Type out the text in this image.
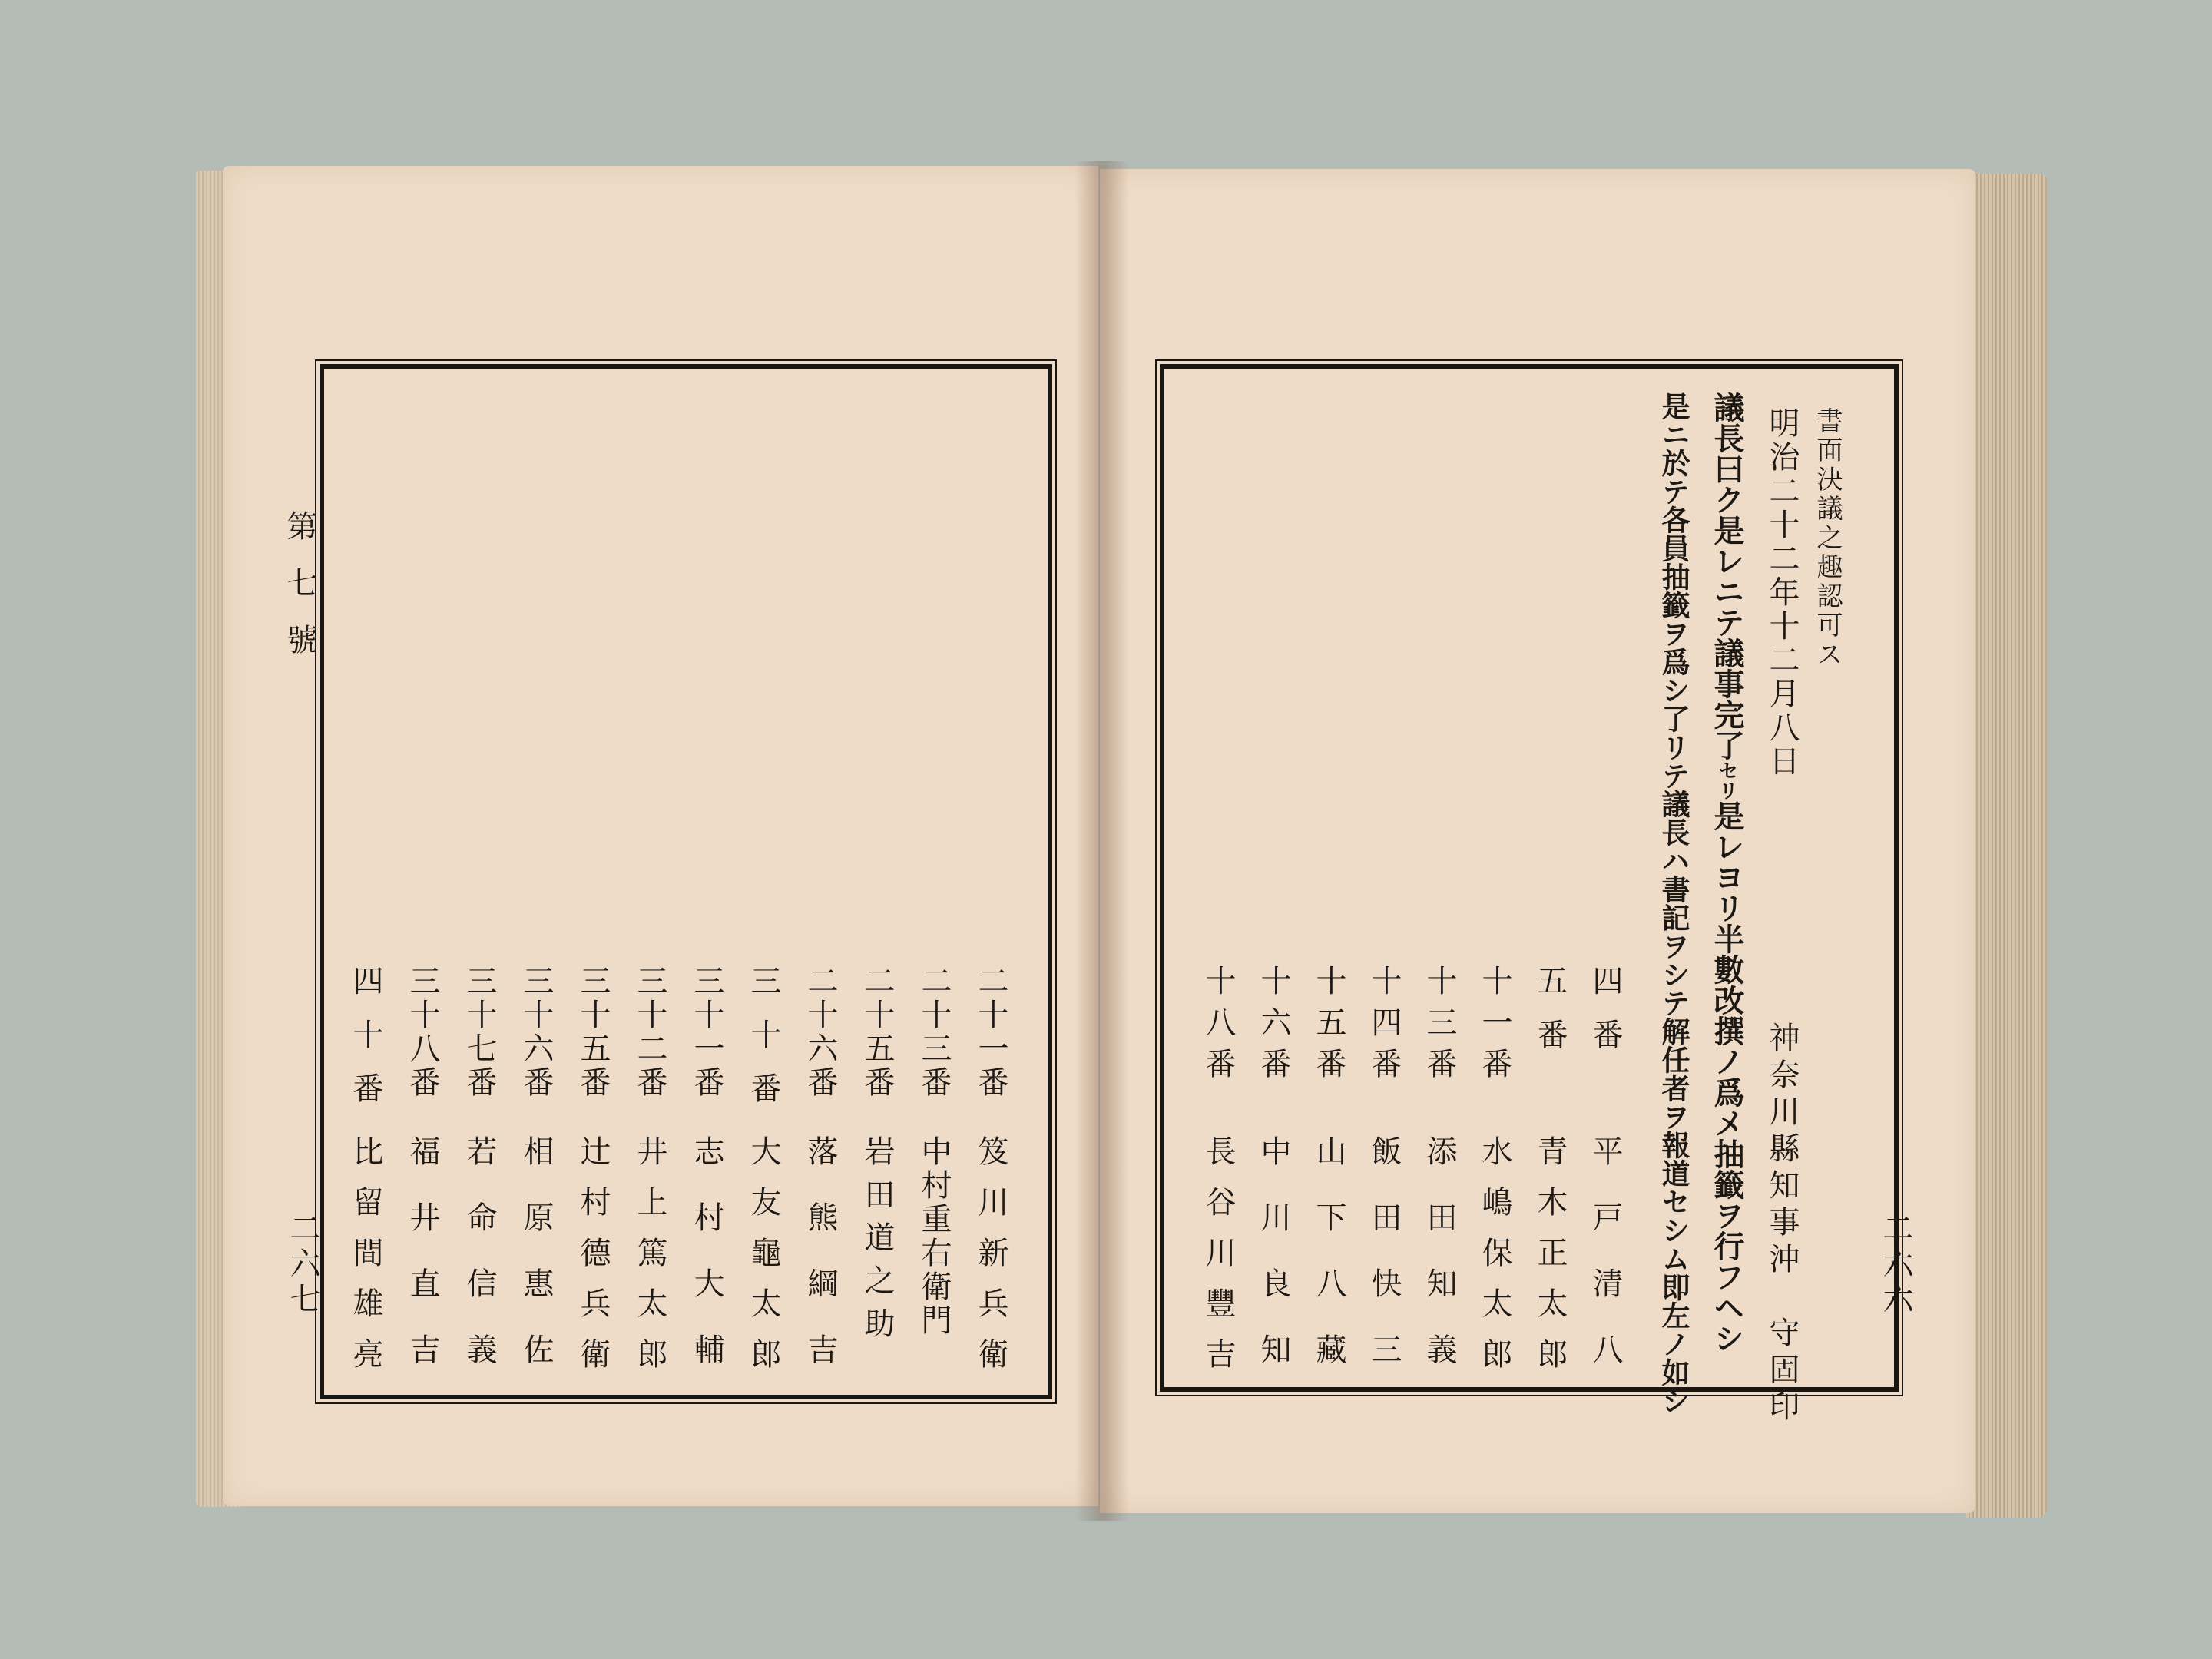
第七號
二六七
二十一番
笈川新兵衛
二十三番
中村重右衛門
二十五番
岩田道之助
二十六番
落熊綱吉
三十番
大友龜太郎
三十一番
志村大輔
三十二番
井上篤太郎
三十五番
辻村德兵衛
三十六番
相原惠佐
三十七番
若命信義
三十八番
福井直吉
四十番
比留間雄亮	二六六
書面決議之趣認可ス
明治二十二年十二月八日
神奈川縣知事沖　守固印
議長曰ク是レニテ議事完了セリ是レヨリ半數改撰ノ爲メ抽籤ヲ行フヘシ
是ニ於テ各員抽籤ヲ爲シ了リテ議長ハ書記ヲシテ解任者ヲ報道セシム即左ノ如シ
四番
平戸清八
五番
青木正太郎
十一番
水嶋保太郎
十三番
添田知義
十四番
飯田快三
十五番
山下八藏
十六番
中川良知
十八番
長谷川豐吉
